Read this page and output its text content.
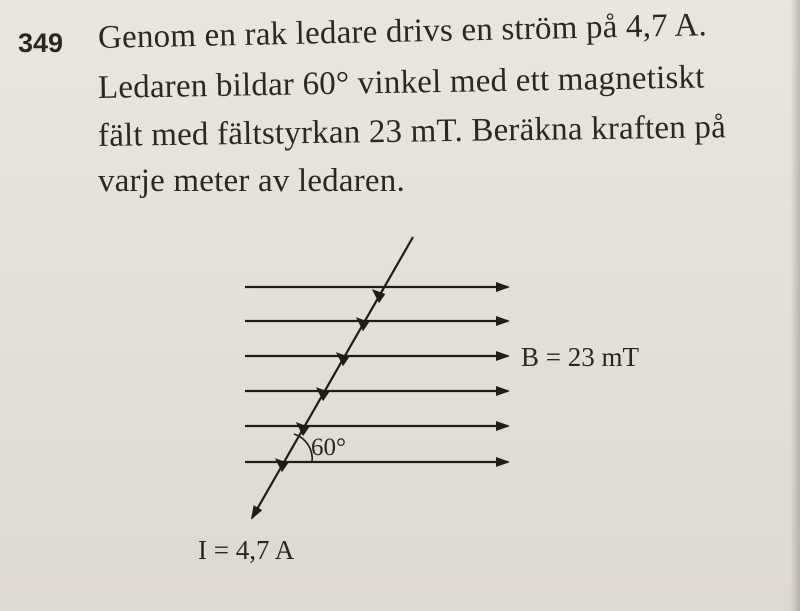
349 Genom en rak ledare drivs en ström på 4,7 A.
Ledaren bildar 60° vinkel med ett magnetiskt
fält med fältstyrkan 23 mT. Beräkna kraften på
varje meter av ledaren.
60°
B = 23 mT
I = 4,7 A
